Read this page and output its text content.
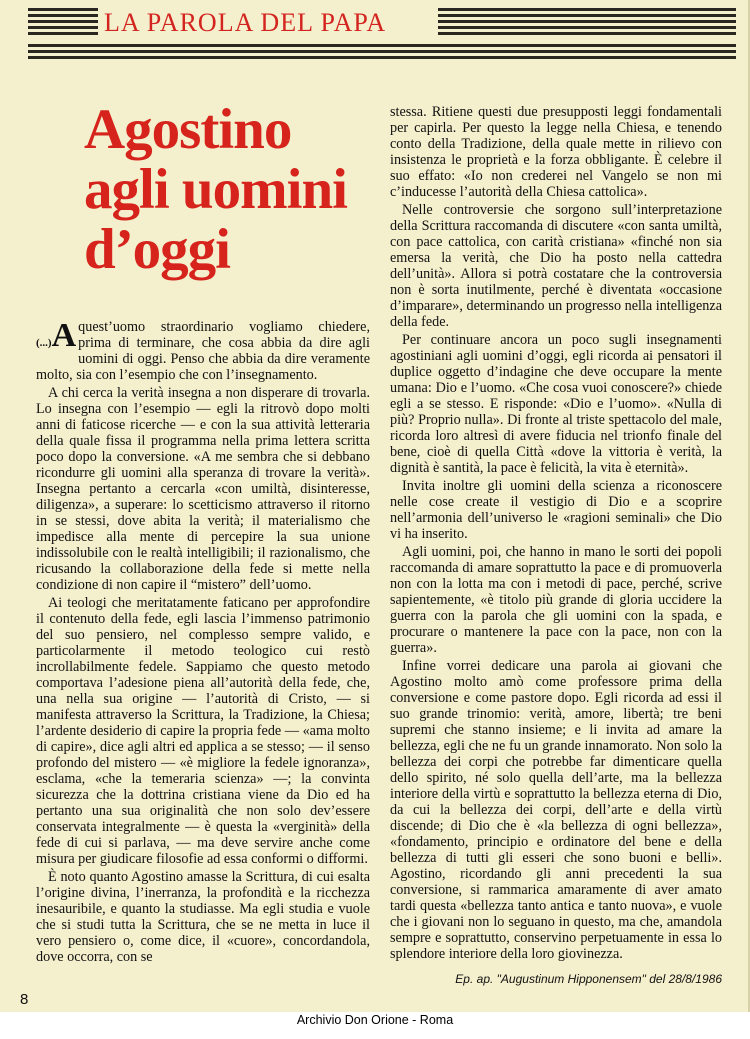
LA PAROLA DEL PAPA
Agostino
agli uomini
d’oggi

(...)A quest’uomo straordinario vogliamo chiedere, prima di terminare, che cosa abbia da dire agli uomini di oggi. Penso che abbia da dire veramente molto, sia con l’esempio che con l’insegnamento.

A chi cerca la verità insegna a non disperare di trovarla. Lo insegna con l’esempio — egli la ritrovò dopo molti anni di faticose ricerche — e con la sua attività letteraria della quale fissa il programma nella prima lettera scritta poco dopo la conversione. «A me sembra che si debbano ricondurre gli uomini alla speranza di trovare la verità». Insegna pertanto a cercarla «con umiltà, disinteresse, diligenza», a superare: lo scetticismo attraverso il ritorno in se stessi, dove abita la verità; il materialismo che impedisce alla mente di percepire la sua unione indissolubile con le realtà intelligibili; il razionalismo, che ricusando la collaborazione della fede si mette nella condizione di non capire il “mistero” dell’uomo.

Ai teologi che meritatamente faticano per approfondire il contenuto della fede, egli lascia l’immenso patrimonio del suo pensiero, nel complesso sempre valido, e particolarmente il metodo teologico cui restò incrollabilmente fedele. Sappiamo che questo metodo comportava l’adesione piena all’autorità della fede, che, una nella sua origine — l’autorità di Cristo, — si manifesta attraverso la Scrittura, la Tradizione, la Chiesa; l’ardente desiderio di capire la propria fede — «ama molto di capire», dice agli altri ed applica a se stesso; — il senso profondo del mistero — «è migliore la fedele ignoranza», esclama, «che la temeraria scienza» —; la convinta sicurezza che la dottrina cristiana viene da Dio ed ha pertanto una sua originalità che non solo dev’essere conservata integralmente — è questa la «verginità» della fede di cui si parlava, — ma deve servire anche come misura per giudicare filosofie ad essa conformi o difformi.

È noto quanto Agostino amasse la Scrittura, di cui esalta l’origine divina, l’inerranza, la profondità e la ricchezza inesauribile, e quanto la studiasse. Ma egli studia e vuole che si studi tutta la Scrittura, che se ne metta in luce il vero pensiero o, come dice, il «cuore», concordandola, dove occorra, con se

stessa. Ritiene questi due presupposti leggi fondamentali per capirla. Per questo la legge nella Chiesa, e tenendo conto della Tradizione, della quale mette in rilievo con insistenza le proprietà e la forza obbligante. È celebre il suo effato: «Io non crederei nel Vangelo se non mi c’inducesse l’autorità della Chiesa cattolica».

Nelle controversie che sorgono sull’interpretazione della Scrittura raccomanda di discutere «con santa umiltà, con pace cattolica, con carità cristiana» «finché non sia emersa la verità, che Dio ha posto nella cattedra dell’unità». Allora si potrà costatare che la controversia non è sorta inutilmente, perché è diventata «occasione d’imparare», determinando un progresso nella intelligenza della fede.

Per continuare ancora un poco sugli insegnamenti agostiniani agli uomini d’oggi, egli ricorda ai pensatori il duplice oggetto d’indagine che deve occupare la mente umana: Dio e l’uomo. «Che cosa vuoi conoscere?» chiede egli a se stesso. E risponde: «Dio e l’uomo». «Nulla di più? Proprio nulla». Di fronte al triste spettacolo del male, ricorda loro altresì di avere fiducia nel trionfo finale del bene, cioè di quella Città «dove la vittoria è verità, la dignità è santità, la pace è felicità, la vita è eternità».

Invita inoltre gli uomini della scienza a riconoscere nelle cose create il vestigio di Dio e a scoprire nell’armonia dell’universo le «ragioni seminali» che Dio vi ha inserito.

Agli uomini, poi, che hanno in mano le sorti dei popoli raccomanda di amare soprattutto la pace e di promuoverla non con la lotta ma con i metodi di pace, perché, scrive sapientemente, «è titolo più grande di gloria uccidere la guerra con la parola che gli uomini con la spada, e procurare o mantenere la pace con la pace, non con la guerra».

Infine vorrei dedicare una parola ai giovani che Agostino molto amò come professore prima della conversione e come pastore dopo. Egli ricorda ad essi il suo grande trinomio: verità, amore, libertà; tre beni supremi che stanno insieme; e li invita ad amare la bellezza, egli che ne fu un grande innamorato. Non solo la bellezza dei corpi che potrebbe far dimenticare quella dello spirito, né solo quella dell’arte, ma la bellezza interiore della virtù e soprattutto la bellezza eterna di Dio, da cui la bellezza dei corpi, dell’arte e della virtù discende; di Dio che è «la bellezza di ogni bellezza», «fondamento, principio e ordinatore del bene e della bellezza di tutti gli esseri che sono buoni e belli». Agostino, ricordando gli anni precedenti la sua conversione, si rammarica amaramente di aver amato tardi questa «bellezza tanto antica e tanto nuova», e vuole che i giovani non lo seguano in questo, ma che, amandola sempre e soprattutto, conservino perpetuamente in essa lo splendore interiore della loro giovinezza.

Ep. ap. "Augustinum Hipponensem" del 28/8/1986
8
Archivio Don Orione - Roma
